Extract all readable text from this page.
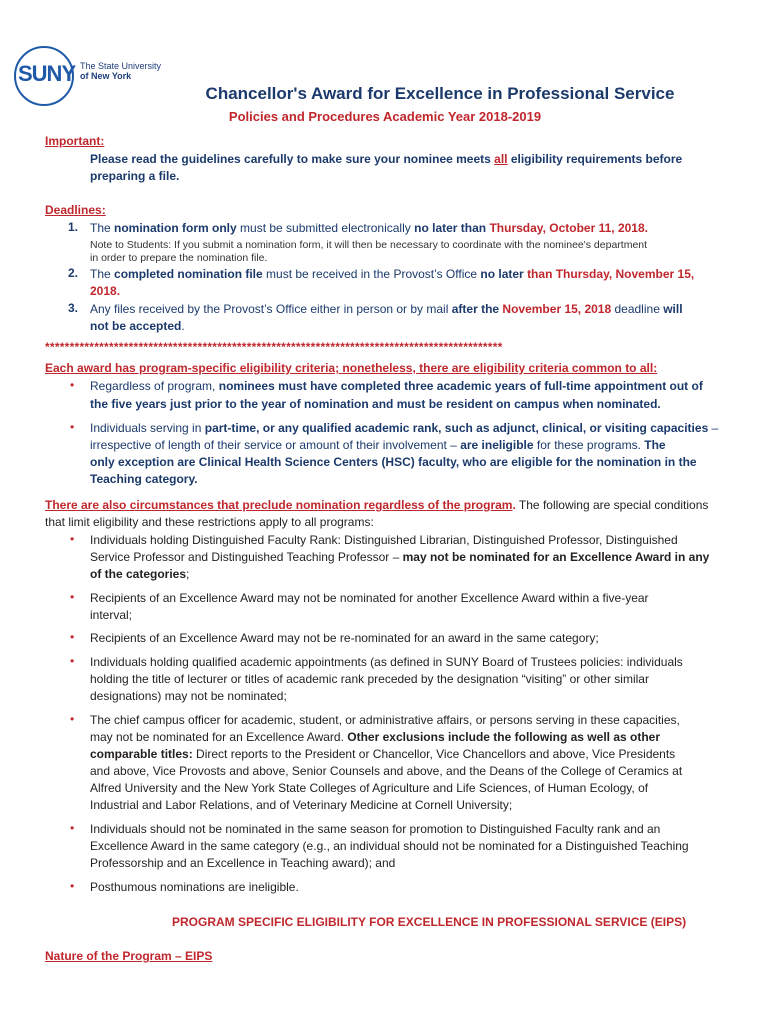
SUNY The State University
of New York
Chancellor's Award for Excellence in Professional Service
Policies and Procedures Academic Year 2018-2019
Important:
Please read the guidelines carefully to make sure your nominee meets all eligibility requirements before
preparing a file.
Deadlines:
1. The nomination form only must be submitted electronically no later than Thursday, October 11, 2018.
Note to Students: If you submit a nomination form, it will then be necessary to coordinate with the nominee's department
in order to prepare the nomination file.
2. The completed nomination file must be received in the Provost’s Office no later than Thursday, November 15,
2018.
3. Any files received by the Provost’s Office either in person or by mail after the November 15, 2018 deadline will
not be accepted.
*********************************************************************************************
Each award has program-specific eligibility criteria; nonetheless, there are eligibility criteria common to all:
• Regardless of program, nominees must have completed three academic years of full-time appointment out of
the five years just prior to the year of nomination and must be resident on campus when nominated.
• Individuals serving in part-time, or any qualified academic rank, such as adjunct, clinical, or visiting capacities –
irrespective of length of their service or amount of their involvement – are ineligible for these programs. The
only exception are Clinical Health Science Centers (HSC) faculty, who are eligible for the nomination in the
Teaching category.
There are also circumstances that preclude nomination regardless of the program. The following are special conditions
that limit eligibility and these restrictions apply to all programs:
• Individuals holding Distinguished Faculty Rank: Distinguished Librarian, Distinguished Professor, Distinguished
Service Professor and Distinguished Teaching Professor – may not be nominated for an Excellence Award in any
of the categories;
• Recipients of an Excellence Award may not be nominated for another Excellence Award within a five-year
interval;
• Recipients of an Excellence Award may not be re-nominated for an award in the same category;
• Individuals holding qualified academic appointments (as defined in SUNY Board of Trustees policies: individuals
holding the title of lecturer or titles of academic rank preceded by the designation “visiting” or other similar
designations) may not be nominated;
• The chief campus officer for academic, student, or administrative affairs, or persons serving in these capacities,
may not be nominated for an Excellence Award. Other exclusions include the following as well as other
comparable titles: Direct reports to the President or Chancellor, Vice Chancellors and above, Vice Presidents
and above, Vice Provosts and above, Senior Counsels and above, and the Deans of the College of Ceramics at
Alfred University and the New York State Colleges of Agriculture and Life Sciences, of Human Ecology, of
Industrial and Labor Relations, and of Veterinary Medicine at Cornell University;
• Individuals should not be nominated in the same season for promotion to Distinguished Faculty rank and an
Excellence Award in the same category (e.g., an individual should not be nominated for a Distinguished Teaching
Professorship and an Excellence in Teaching award); and
• Posthumous nominations are ineligible.
PROGRAM SPECIFIC ELIGIBILITY FOR EXCELLENCE IN PROFESSIONAL SERVICE (EIPS)
Nature of the Program – EIPS
